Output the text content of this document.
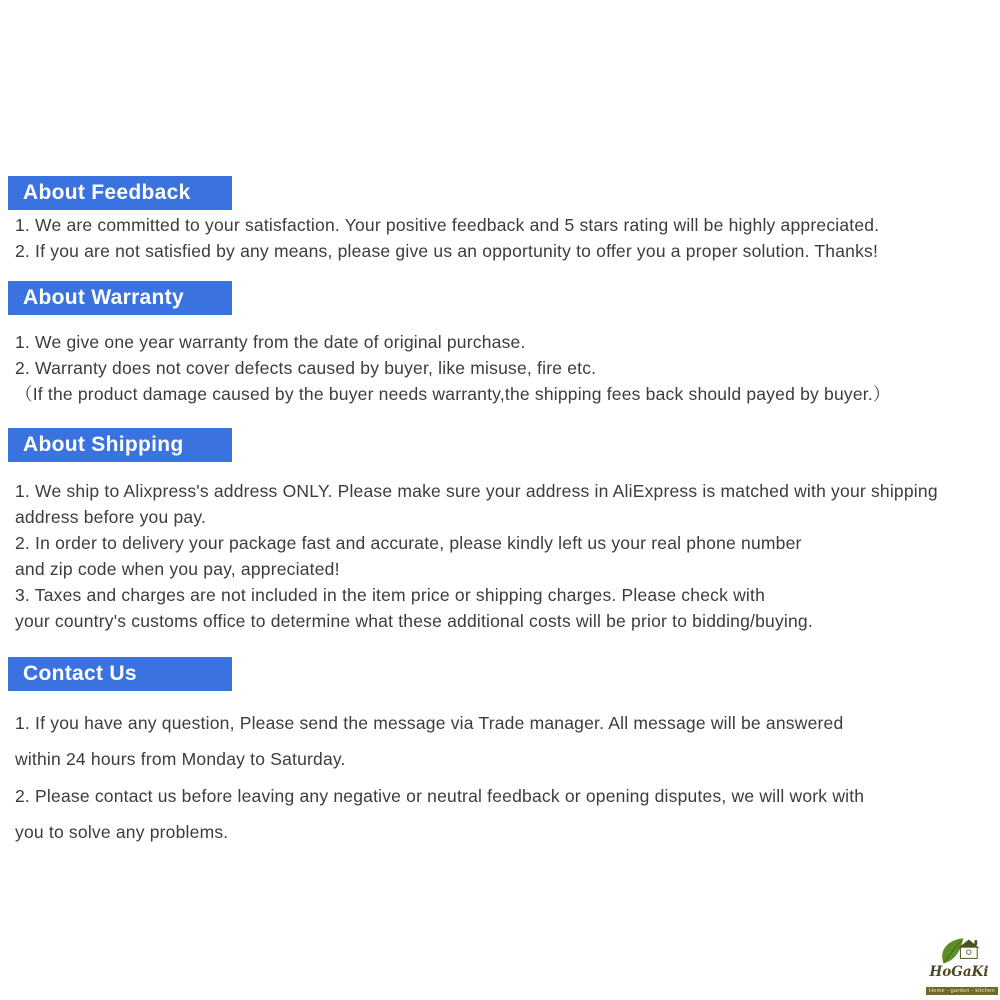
About Feedback
1. We are committed to your satisfaction. Your positive feedback and 5 stars rating will be highly appreciated.
2. If you are not satisfied by any means, please give us an opportunity to offer you a proper solution. Thanks!
About Warranty
1. We give one year warranty from the date of original purchase.
2. Warranty does not cover defects caused by buyer, like misuse, fire etc.
（If the product damage caused by the buyer needs warranty,the shipping fees back should payed by buyer.）
About Shipping
1. We ship to Alixpress's address ONLY. Please make sure your address in AliExpress is matched with your shipping
address before you pay.
2. In order to delivery your package fast and accurate, please kindly left us your real phone number
and zip code when you pay, appreciated!
3. Taxes and charges are not included in the item price or shipping charges. Please check with
your country's customs office to determine what these additional costs will be prior to bidding/buying.
Contact Us
1. If you have any question, Please send the message via Trade manager. All message will be answered
within 24 hours from Monday to Saturday.
2. Please contact us before leaving any negative or neutral feedback or opening disputes, we will work with
you to solve any problems.
HoGaKi
Home - garden - kitchen
